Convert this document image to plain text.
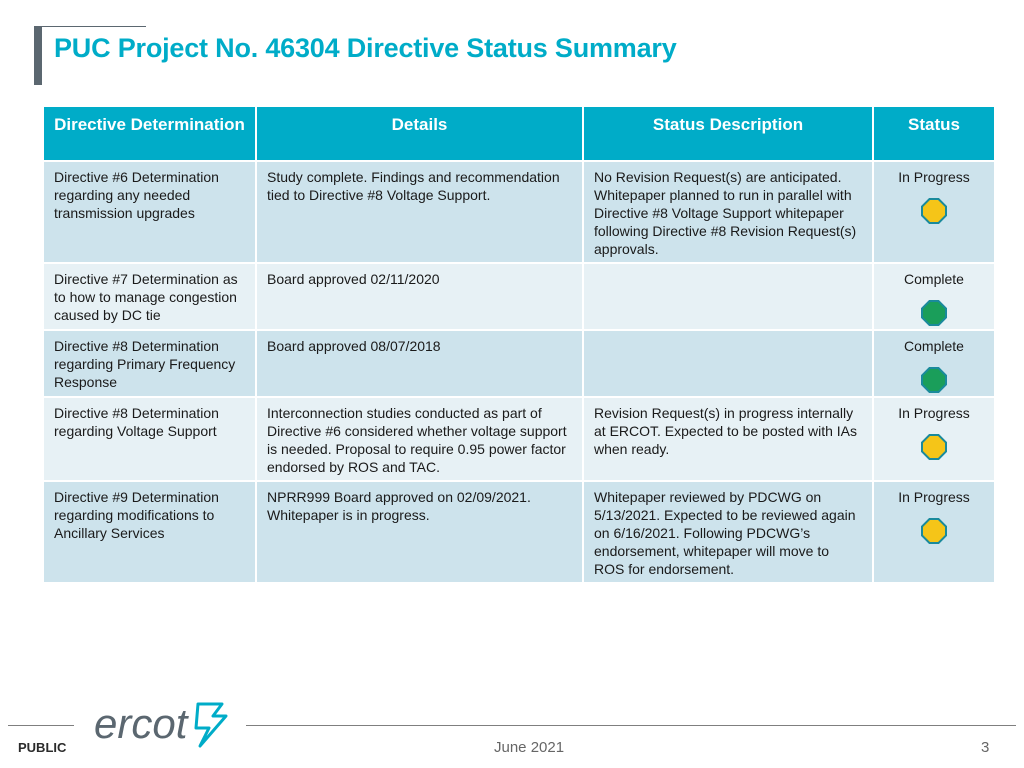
PUC Project No. 46304 Directive Status Summary
Directive Determination	Details	Status Description	Status
Directive #6 Determination regarding any needed transmission upgrades	Study complete. Findings and recommendation tied to Directive #8 Voltage Support.	No Revision Request(s) are anticipated. Whitepaper planned to run in parallel with Directive #8 Voltage Support whitepaper following Directive #8 Revision Request(s) approvals.	In Progress

Directive #7 Determination as to how to manage congestion caused by DC tie	Board approved 02/11/2020		Complete

Directive #8 Determination regarding Primary Frequency Response	Board approved 08/07/2018		Complete

Directive #8 Determination regarding Voltage Support	Interconnection studies conducted as part of Directive #6 considered whether voltage support is needed. Proposal to require 0.95 power factor endorsed by ROS and TAC.	Revision Request(s) in progress internally at ERCOT. Expected to be posted with IAs when ready.	In Progress

Directive #9 Determination regarding modifications to Ancillary Services	NPRR999 Board approved on 02/09/2021. Whitepaper is in progress.	Whitepaper reviewed by PDCWG on 5/13/2021. Expected to be reviewed again on 6/16/2021. Following PDCWG’s endorsement, whitepaper will move to ROS for endorsement.	In Progress
ercot
PUBLIC	June 2021	3
